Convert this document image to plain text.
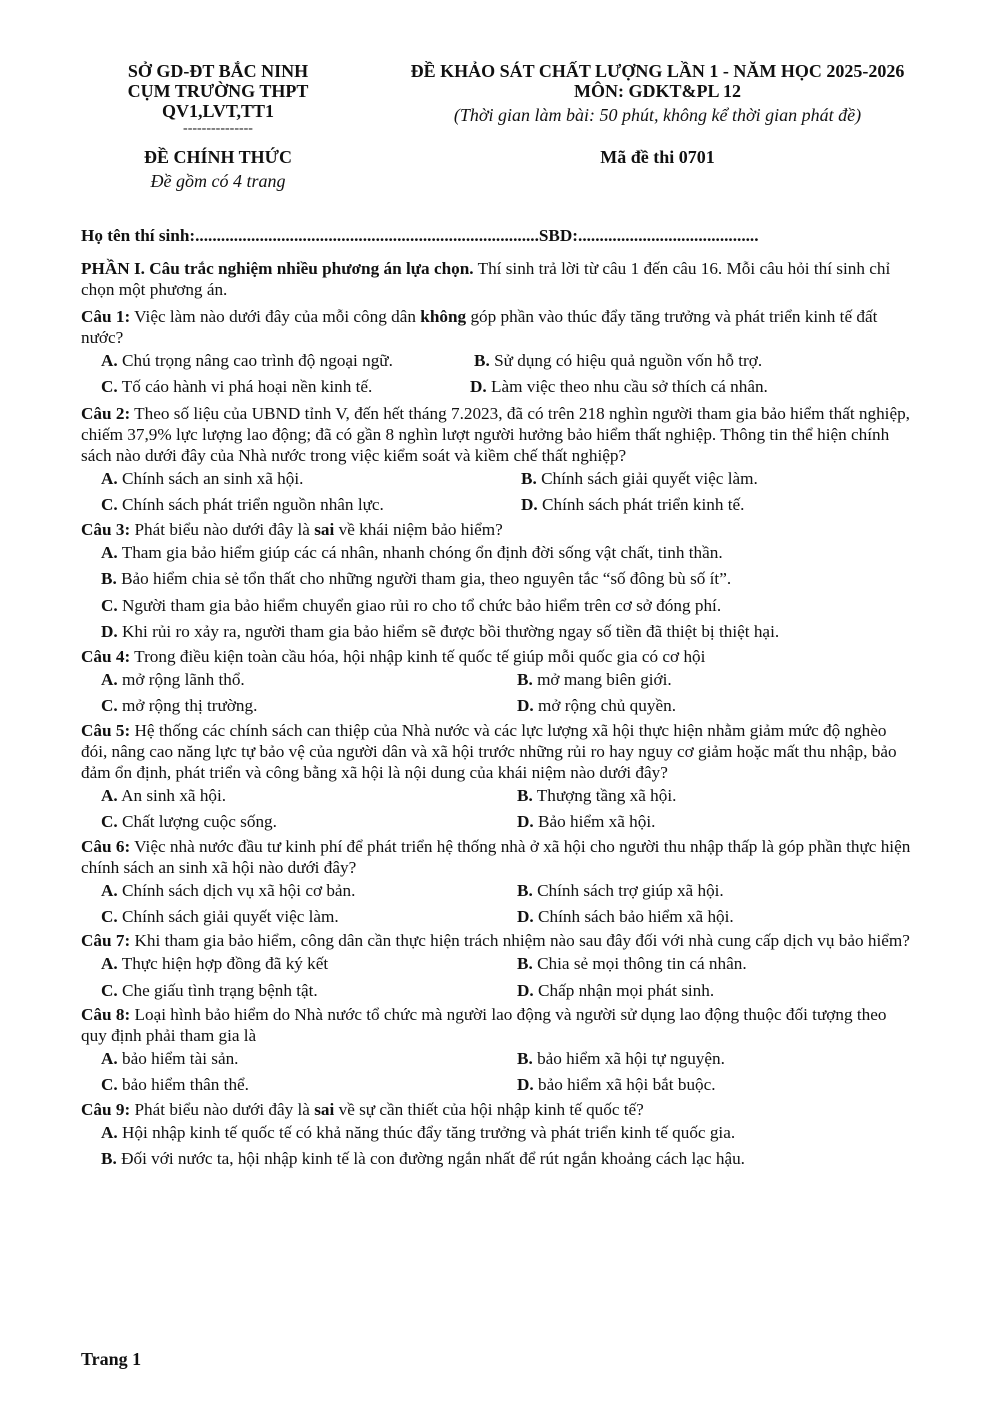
SỞ GD-ĐT BẮC NINH
CỤM TRƯỜNG THPT
QV1,LVT,TT1
---------------
ĐỀ CHÍNH THỨC
Đề gồm có 4 trang
ĐỀ KHẢO SÁT CHẤT LƯỢNG LẦN 1 - NĂM HỌC 2025-2026
MÔN: GDKT&PL 12
(Thời gian làm bài: 50 phút, không kể thời gian phát đề)
Mã đề thi 0701
Họ tên thí sinh:................................................................................SBD:..........................................

PHẦN I. Câu trắc nghiệm nhiều phương án lựa chọn. Thí sinh trả lời từ câu 1 đến câu 16. Mỗi câu hỏi thí sinh chỉ chọn một phương án.

Câu 1: Việc làm nào dưới đây của mỗi công dân không góp phần vào thúc đẩy tăng trưởng và phát triển kinh tế đất nước?

A. Chú trọng nâng cao trình độ ngoại ngữ.	B. Sử dụng có hiệu quả nguồn vốn hỗ trợ.
C. Tố cáo hành vi phá hoại nền kinh tế.	D. Làm việc theo nhu cầu sở thích cá nhân.

Câu 2: Theo số liệu của UBND tỉnh V, đến hết tháng 7.2023, đã có trên 218 nghìn người tham gia bảo hiểm thất nghiệp, chiếm 37,9% lực lượng lao động; đã có gần 8 nghìn lượt người hưởng bảo hiểm thất nghiệp. Thông tin thể hiện chính sách nào dưới đây của Nhà nước trong việc kiểm soát và kiềm chế thất nghiệp?

A. Chính sách an sinh xã hội.	B. Chính sách giải quyết việc làm.
C. Chính sách phát triển nguồn nhân lực.	D. Chính sách phát triển kinh tế.

Câu 3: Phát biểu nào dưới đây là sai về khái niệm bảo hiểm?

A. Tham gia bảo hiểm giúp các cá nhân, nhanh chóng ổn định đời sống vật chất, tinh thần.
B. Bảo hiểm chia sẻ tổn thất cho những người tham gia, theo nguyên tắc “số đông bù số ít”.
C. Người tham gia bảo hiểm chuyển giao rủi ro cho tổ chức bảo hiểm trên cơ sở đóng phí.
D. Khi rủi ro xảy ra, người tham gia bảo hiểm sẽ được bồi thường ngay số tiền đã thiệt bị thiệt hại.

Câu 4: Trong điều kiện toàn cầu hóa, hội nhập kinh tế quốc tế giúp mỗi quốc gia có cơ hội

A. mở rộng lãnh thổ.	B. mở mang biên giới.
C. mở rộng thị trường.	D. mở rộng chủ quyền.

Câu 5: Hệ thống các chính sách can thiệp của Nhà nước và các lực lượng xã hội thực hiện nhằm giảm mức độ nghèo đói, nâng cao năng lực tự bảo vệ của người dân và xã hội trước những rủi ro hay nguy cơ giảm hoặc mất thu nhập, bảo đảm ổn định, phát triển và công bằng xã hội là nội dung của khái niệm nào dưới đây?

A. An sinh xã hội.	B. Thượng tầng xã hội.
C. Chất lượng cuộc sống.	D. Bảo hiểm xã hội.

Câu 6: Việc nhà nước đầu tư kinh phí để phát triển hệ thống nhà ở xã hội cho người thu nhập thấp là góp phần thực hiện chính sách an sinh xã hội nào dưới đây?

A. Chính sách dịch vụ xã hội cơ bản.	B. Chính sách trợ giúp xã hội.
C. Chính sách giải quyết việc làm.	D. Chính sách bảo hiểm xã hội.

Câu 7: Khi tham gia bảo hiểm, công dân cần thực hiện trách nhiệm nào sau đây đối với nhà cung cấp dịch vụ bảo hiểm?

A. Thực hiện hợp đồng đã ký kết	B. Chia sẻ mọi thông tin cá nhân.
C. Che giấu tình trạng bệnh tật.	D. Chấp nhận mọi phát sinh.

Câu 8: Loại hình bảo hiểm do Nhà nước tổ chức mà người lao động và người sử dụng lao động thuộc đối tượng theo quy định phải tham gia là

A. bảo hiểm tài sản.	B. bảo hiểm xã hội tự nguyện.
C. bảo hiểm thân thể.	D. bảo hiểm xã hội bắt buộc.

Câu 9: Phát biểu nào dưới đây là sai về sự cần thiết của hội nhập kinh tế quốc tế?

A. Hội nhập kinh tế quốc tế có khả năng thúc đẩy tăng trưởng và phát triển kinh tế quốc gia.
B. Đối với nước ta, hội nhập kinh tế là con đường ngắn nhất để rút ngắn khoảng cách lạc hậu.
Trang 1
